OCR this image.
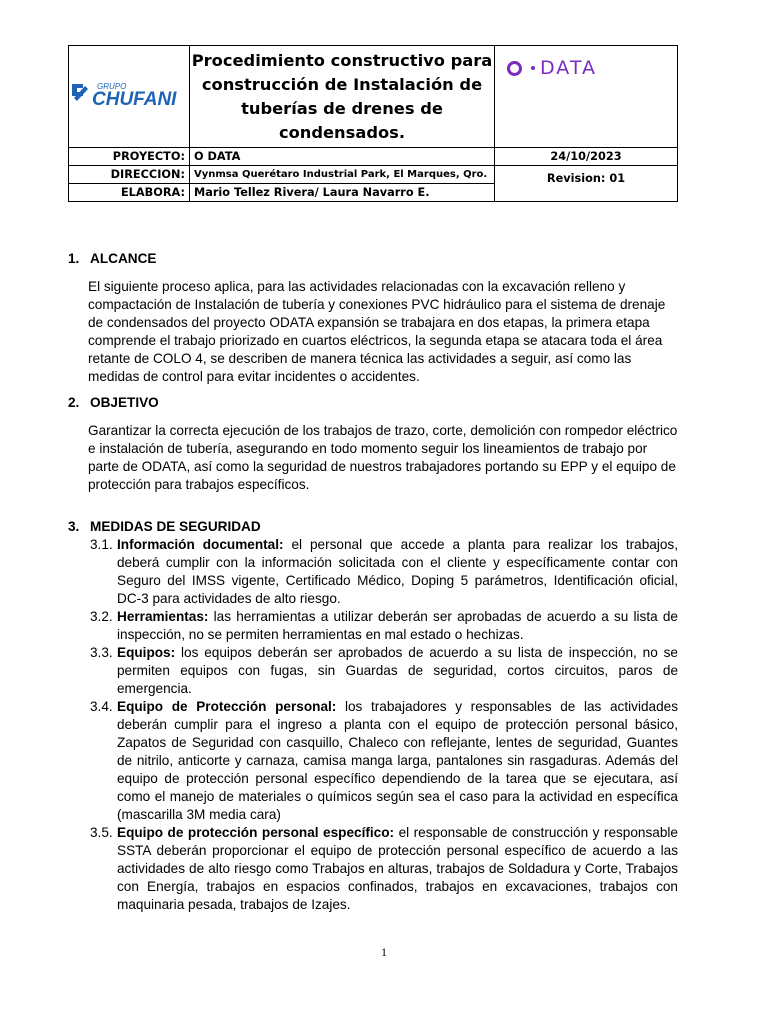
GRUPO
CHUFANI	Procedimiento constructivo para construcción de Instalación de tuberías de drenes de condensados.	DATA

PROYECTO:	O DATA	24/10/2023
DIRECCION:	Vynmsa Querétaro Industrial Park, El Marques, Qro.	Revision: 01
ELABORA:	Mario Tellez Rivera/ Laura Navarro E.	
1. ALCANCE

El siguiente proceso aplica, para las actividades relacionadas con la excavación relleno y compactación de Instalación de tubería y conexiones PVC hidráulico para el sistema de drenaje de condensados del proyecto ODATA expansión se trabajara en dos etapas, la primera etapa comprende el trabajo priorizado en cuartos eléctricos, la segunda etapa se atacara toda el área retante de COLO 4, se describen de manera técnica las actividades a seguir, así como las medidas de control para evitar incidentes o accidentes.

2. OBJETIVO

Garantizar la correcta ejecución de los trabajos de trazo, corte, demolición con rompedor eléctrico e instalación de tubería, asegurando en todo momento seguir los lineamientos de trabajo por parte de ODATA, así como la seguridad de nuestros trabajadores portando su EPP y el equipo de protección para trabajos específicos.

3. MEDIDAS DE SEGURIDAD
3.1. Información documental: el personal que accede a planta para realizar los trabajos, deberá cumplir con la información solicitada con el cliente y específicamente contar con Seguro del IMSS vigente, Certificado Médico, Doping 5 parámetros, Identificación oficial, DC-3 para actividades de alto riesgo.
3.2. Herramientas: las herramientas a utilizar deberán ser aprobadas de acuerdo a su lista de inspección, no se permiten herramientas en mal estado o hechizas.
3.3. Equipos: los equipos deberán ser aprobados de acuerdo a su lista de inspección, no se permiten equipos con fugas, sin Guardas de seguridad, cortos circuitos, paros de emergencia.
3.4. Equipo de Protección personal: los trabajadores y responsables de las actividades deberán cumplir para el ingreso a planta con el equipo de protección personal básico, Zapatos de Seguridad con casquillo, Chaleco con reflejante, lentes de seguridad, Guantes de nitrilo, anticorte y carnaza, camisa manga larga, pantalones sin rasgaduras. Además del equipo de protección personal específico dependiendo de la tarea que se ejecutara, así como el manejo de materiales o químicos según sea el caso para la actividad en específica (mascarilla 3M media cara)
3.5. Equipo de protección personal específico: el responsable de construcción y responsable SSTA deberán proporcionar el equipo de protección personal específico de acuerdo a las actividades de alto riesgo como Trabajos en alturas, trabajos de Soldadura y Corte, Trabajos con Energía, trabajos en espacios confinados, trabajos en excavaciones, trabajos con maquinaria pesada, trabajos de Izajes.
1
